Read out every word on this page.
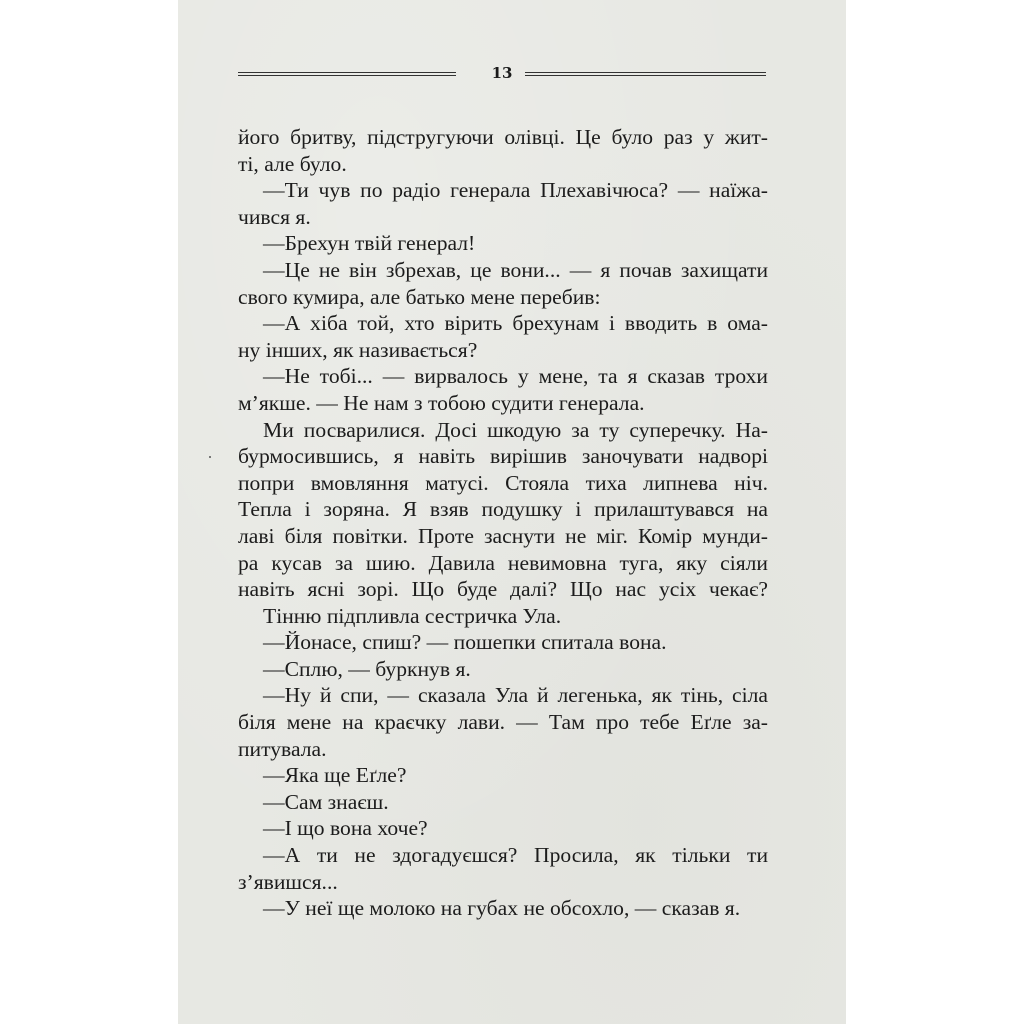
13
його бритву, підстругуючи олівці. Це було раз у жит-
ті, але було.
—Ти чув по радіо генерала Плехавічюса? — наїжа-
чився я.
—Брехун твій генерал!
—Це не він збрехав, це вони... — я почав захищати
свого кумира, але батько мене перебив:
—А хіба той, хто вірить брехунам і вводить в ома-
ну інших, як називається?
—Не тобі... — вирвалось у мене, та я сказав трохи
м’якше. — Не нам з тобою судити генерала.
Ми посварилися. Досі шкодую за ту суперечку. На-
бурмосившись, я навіть вирішив заночувати надворі
попри вмовляння матусі. Стояла тиха липнева ніч.
Тепла і зоряна. Я взяв подушку і прилаштувався на
лаві біля повітки. Проте заснути не міг. Комір мунди-
ра кусав за шию. Давила невимовна туга, яку сіяли
навіть ясні зорі. Що буде далі? Що нас усіх чекає?
Тінню підпливла сестричка Ула.
—Йонасе, спиш? — пошепки спитала вона.
—Сплю, — буркнув я.
—Ну й спи, — сказала Ула й легенька, як тінь, сіла
біля мене на краєчку лави. — Там про тебе Еґле за-
питувала.
—Яка ще Еґле?
—Сам знаєш.
—І що вона хоче?
—А ти не здогадуєшся? Просила, як тільки ти
з’явишся...
—У неї ще молоко на губах не обсохло, — сказав я.
